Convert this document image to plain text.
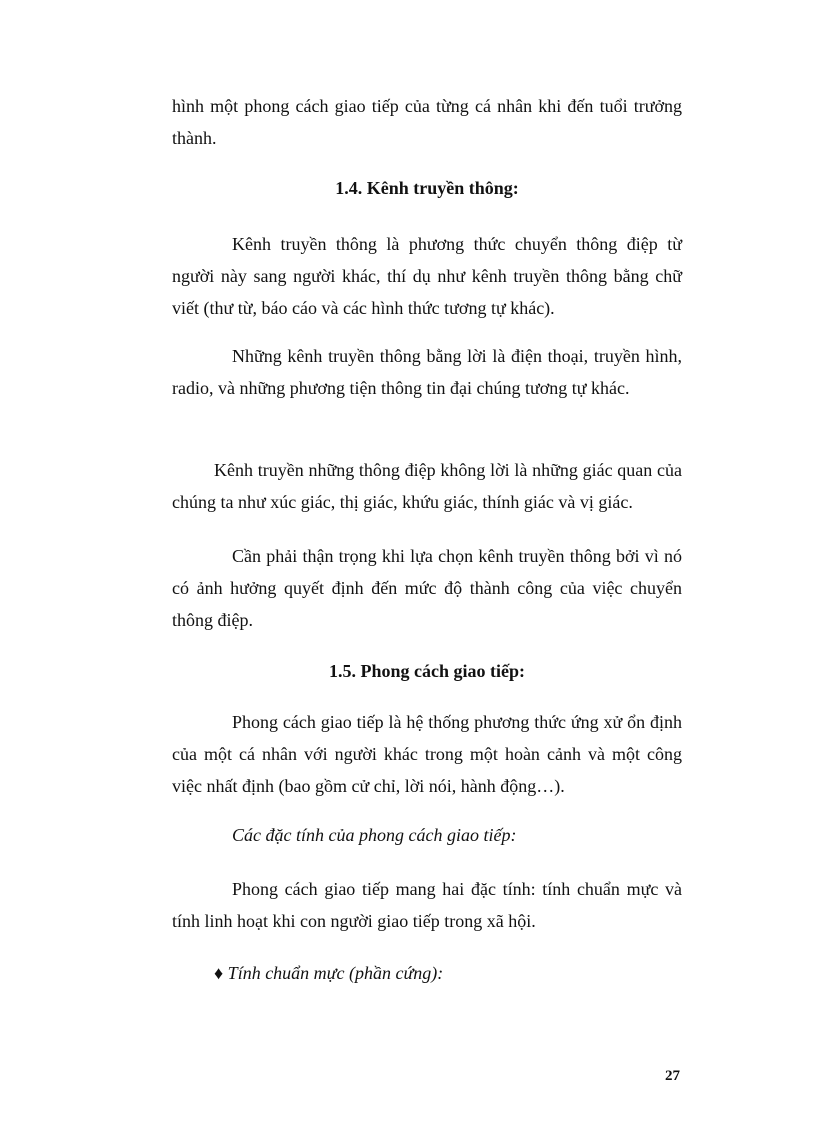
hình một phong cách giao tiếp của từng cá nhân khi đến tuổi trưởng thành.

1.4. Kênh truyền thông:

Kênh truyền thông là phương thức chuyển thông điệp từ người này sang người khác, thí dụ như kênh truyền thông bằng chữ viết (thư từ, báo cáo và các hình thức tương tự khác).

Những kênh truyền thông bằng lời là điện thoại, truyền hình, radio, và những phương tiện thông tin đại chúng tương tự khác.

Kênh truyền những thông điệp không lời là những giác quan của chúng ta như xúc giác, thị giác, khứu giác, thính giác và vị giác.

Cần phải thận trọng khi lựa chọn kênh truyền thông bởi vì nó có ảnh hưởng quyết định đến mức độ thành công của việc chuyển thông điệp.

1.5. Phong cách giao tiếp:

Phong cách giao tiếp là hệ thống phương thức ứng xử ổn định của một cá nhân với người khác trong một hoàn cảnh và một công việc nhất định (bao gồm cử chỉ, lời nói, hành động…).

Các đặc tính của phong cách giao tiếp:

Phong cách giao tiếp mang hai đặc tính: tính chuẩn mực và tính linh hoạt khi con người giao tiếp trong xã hội.

♦ Tính chuẩn mực (phần cứng):

27
